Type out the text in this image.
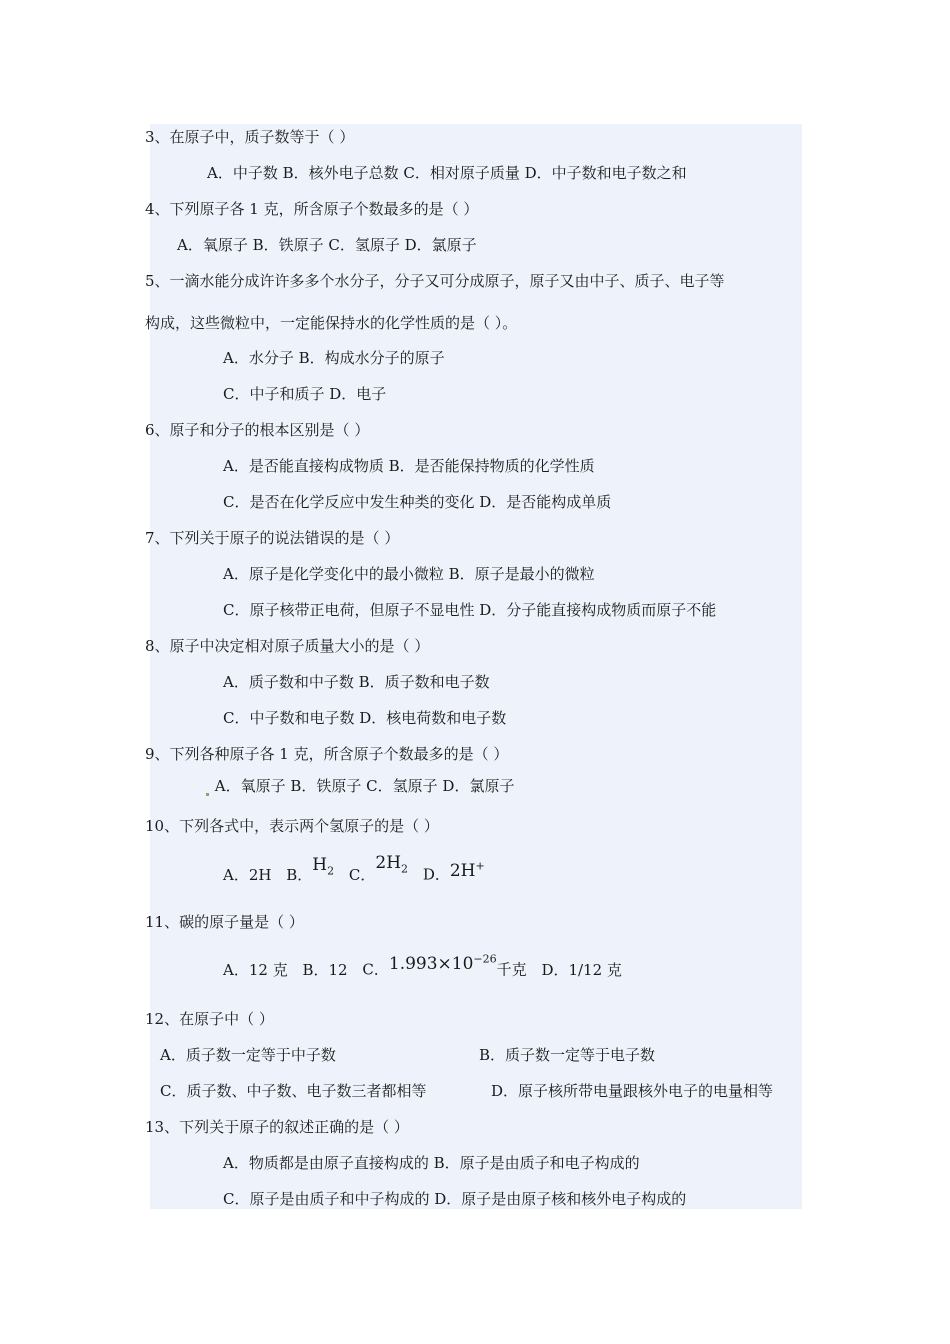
3、在原子中，质子数等于（ ）
A．中子数 B．核外电子总数 C．相对原子质量 D．中子数和电子数之和
4、下列原子各 1 克，所含原子个数最多的是（ ）
A．氧原子 B．铁原子 C．氢原子 D．氯原子
5、一滴水能分成许许多多个水分子，分子又可分成原子，原子又由中子、质子、电子等
构成，这些微粒中，一定能保持水的化学性质的是（ ）。
A．水分子 B．构成水分子的原子
C．中子和质子 D．电子
6、原子和分子的根本区别是（ ）
A．是否能直接构成物质 B．是否能保持物质的化学性质
C．是否在化学反应中发生种类的变化 D．是否能构成单质
7、下列关于原子的说法错误的是（ ）
A．原子是化学变化中的最小微粒 B．原子是最小的微粒
C．原子核带正电荷，但原子不显电性 D．分子能直接构成物质而原子不能
8、原子中决定相对原子质量大小的是（ ）
A．质子数和中子数 B．质子数和电子数
C．中子数和电子数 D．核电荷数和电子数
9、下列各种原子各 1 克，所含原子个数最多的是（ ）
A．氧原子 B．铁原子 C．氢原子 D．氯原子
10、下列各式中，表示两个氢原子的是（ ）
A．2H B．$H_2$ C．$2H_2$ D．2H+
11、碳的原子量是（ ）
A．12 克 B．12 C．$1.993\times 10^{-26}$千克 D．1/12 克
12、在原子中（ ）
A．质子数一定等于中子数	B．质子数一定等于电子数
C．质子数、中子数、电子数三者都相等	D．原子核所带电量跟核外电子的电量相等
13、下列关于原子的叙述正确的是（ ）
A．物质都是由原子直接构成的 B．原子是由质子和电子构成的
C．原子是由质子和中子构成的 D．原子是由原子核和核外电子构成的
